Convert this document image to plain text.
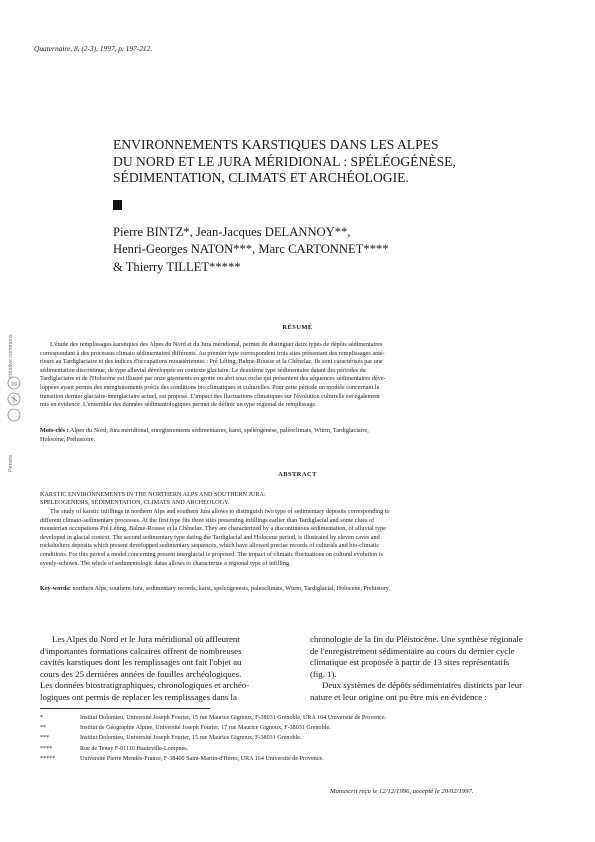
Quaternaire, 8, (2-3), 1997, p. 197-212.
ENVIRONNEMENTS KARSTIQUES DANS LES ALPES
DU NORD ET LE JURA MÉRIDIONAL : SPÉLÉOGÉNÈSE,
SÉDIMENTATION, CLIMATS ET ARCHÉOLOGIE.
Pierre BINTZ*, Jean-Jacques DELANNOY**,
Henri-Georges NATON***, Marc CARTONNET****
& Thierry TILLET*****
RÉSUMÉ
L'étude des remplissages karstiques des Alpes du Nord et du Jura méridional, permet de distinguer deux types de dépôts sédimentaires
correspondant à des processus climato sédimentaires différents. Au premier type correspondent trois sites présentant des remplissages anté-
rieurs au Tardiglaciaire et des indices d'occupations moustériennes : Pré Léting, Balme-Rousse et la Chênelaz. Ils sont caractérisés par une
sédimentation discontinue, de type alluvial développée en contexte glaciaire. Le deuxième type sédimentaire datant des périodes du
Tardiglaciaire et de l'Holocène est illustré par onze gisements en grotte ou abri sous roche qui présentent des séquences sédimentaires déve-
loppées ayant permis des enregistrements précis des conditions bio climatiques et culturelles. Pour cette période un modèle concernant la
transition dernier glaciaire-interglaciaire actuel, est proposé. L'impact des fluctuations climatiques sur l'évolution culturelle est également
mis en évidence. L'ensemble des données sédimentologiques permet de définir un type régional de remplissage.
Mots-clés : Alpes du Nord, Jura méridional, enregistrements sédimentaires, karst, spéléogénèse, paléoclimats, Würm, Tardiglaciaire,
Holocène, Préhistoire.
ABSTRACT
KARSTIC ENVIRONNEMENTS IN THE NORTHERN ALPS AND SOUTHERN JURA:
SPELEOGENESIS, SÉDIMENTATION, CLIMATS AND ARCHEOLOGY.
The study of karstic infillings in northern Alps and southern Jura allows to distinguish two type of sedimentary deposits corresponding to
different climato-sedimentary processes. At the first type fits three sites presenting infillings earlier than Tardiglacial and some clues of
mousterian occupations Pré Léting, Balme-Rousse et la Chênelaz. They are characterized by a discontinuous sedimentation, of alluvial type
developed in glacial context. The second sedimentary type dating the Tardiglacial and Holocene period, is illustrated by eleven caves and
rockshelters deposits which present developped sedimentary sequences, which have allowed precise records of culturals and bio-climatic
conditions. For this period a model concerning present interglacial is proposed. The impact of climatic fluctuations on cultural evolution is
evenly-schown. The whole of sedimentologic datas allows to characterize a regional type of infilling.
Key-words: northern Alps, southern Jura, sedimentary records, karst, speleogenesis, paleoclimats, Würm, Tardiglacial, Holocene, Prehistory.
Persée
creative commons
Les Alpes du Nord et le Jura méridional où affleurent
d'importantes formations calcaires offrent de nombreuses
cavités karstiques dont les remplissages ont fait l'objet au
cours des 25 dernières années de fouilles archéologiques.
Les données biostratigraphiques, chronologiques et archéo-
logiques ont permis de replacer les remplissages dans la
chronologie de la fin du Pléistocène. Une synthèse régionale
de l'enregistrement sédimentaire au cours du dernier cycle
climatique est proposée à partir de 13 sites représentatifs
(fig. 1).
Deux systèmes de dépôts sédimentaires distincts par leur
nature et leur origine ont pu être mis en évidence :
*	Institut Dolomieu, Université Joseph Fourier, 15 rue Maurice Gignoux, F-38031 Grenoble, URA 164 Université de Provence.
**	Institut de Géographie Alpine, Université Joseph Fourier, 17 rue Maurice Gignoux, F-38031 Grenoble.
***	Institut Dolomieu, Université Joseph Fourier, 15 rue Maurice Gignoux, F-38031 Grenoble.
****	Rue de Tenay F-01110 Hauteville-Lompnes.
*****	Université Pierre Mendès-France, F-38400 Saint-Martin-d'Hères, URA 164 Université de Provence.
Manuscrit reçu le 12/12/1996, accepté le 20/02/1997.
